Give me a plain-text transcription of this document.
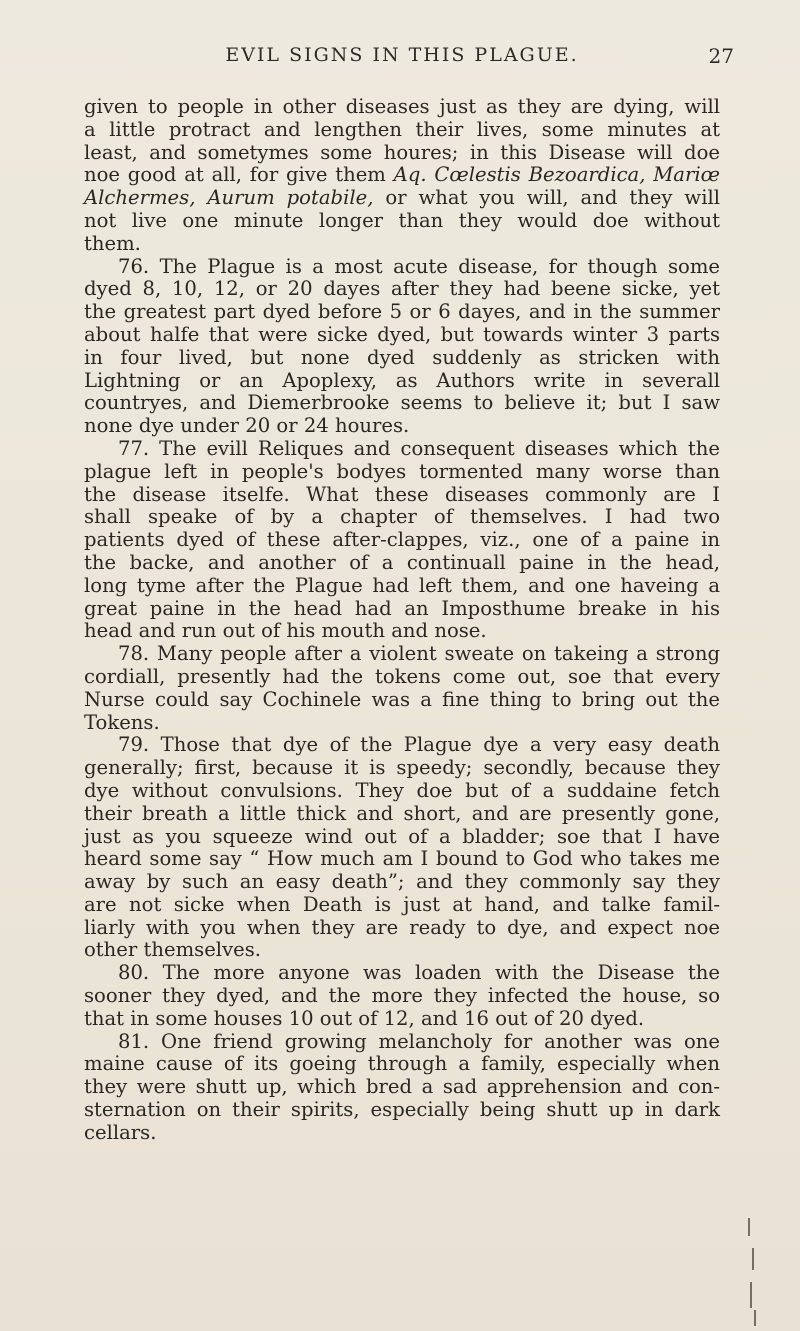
EVIL SIGNS IN THIS PLAGUE.	27
given to people in other diseases just as they are dying, will
a little protract and lengthen their lives, some minutes at
least, and sometymes some houres; in this Disease will doe
noe good at all, for give them Aq. Cœlestis Bezoardica, Mariœ
Alchermes, Aurum potabile, or what you will, and they will
not live one minute longer than they would doe without
them.
76. The Plague is a most acute disease, for though some
dyed 8, 10, 12, or 20 dayes after they had beene sicke, yet
the greatest part dyed before 5 or 6 dayes, and in the summer
about halfe that were sicke dyed, but towards winter 3 parts
in four lived, but none dyed suddenly as stricken with
Lightning or an Apoplexy, as Authors write in severall
countryes, and Diemerbrooke seems to believe it; but I saw
none dye under 20 or 24 houres.
77. The evill Reliques and consequent diseases which the
plague left in people's bodyes tormented many worse than
the disease itselfe. What these diseases commonly are I
shall speake of by a chapter of themselves. I had two
patients dyed of these after-clappes, viz., one of a paine in
the backe, and another of a continuall paine in the head,
long tyme after the Plague had left them, and one haveing a
great paine in the head had an Imposthume breake in his
head and run out of his mouth and nose.
78. Many people after a violent sweate on takeing a strong
cordiall, presently had the tokens come out, soe that every
Nurse could say Cochinele was a fine thing to bring out the
Tokens.
79. Those that dye of the Plague dye a very easy death
generally; first, because it is speedy; secondly, because they
dye without convulsions. They doe but of a suddaine fetch
their breath a little thick and short, and are presently gone,
just as you squeeze wind out of a bladder; soe that I have
heard some say “ How much am I bound to God who takes me
away by such an easy death”; and they commonly say they
are not sicke when Death is just at hand, and talke famil-
liarly with you when they are ready to dye, and expect noe
other themselves.
80. The more anyone was loaden with the Disease the
sooner they dyed, and the more they infected the house, so
that in some houses 10 out of 12, and 16 out of 20 dyed.
81. One friend growing melancholy for another was one
maine cause of its goeing through a family, especially when
they were shutt up, which bred a sad apprehension and con-
sternation on their spirits, especially being shutt up in dark
cellars.
